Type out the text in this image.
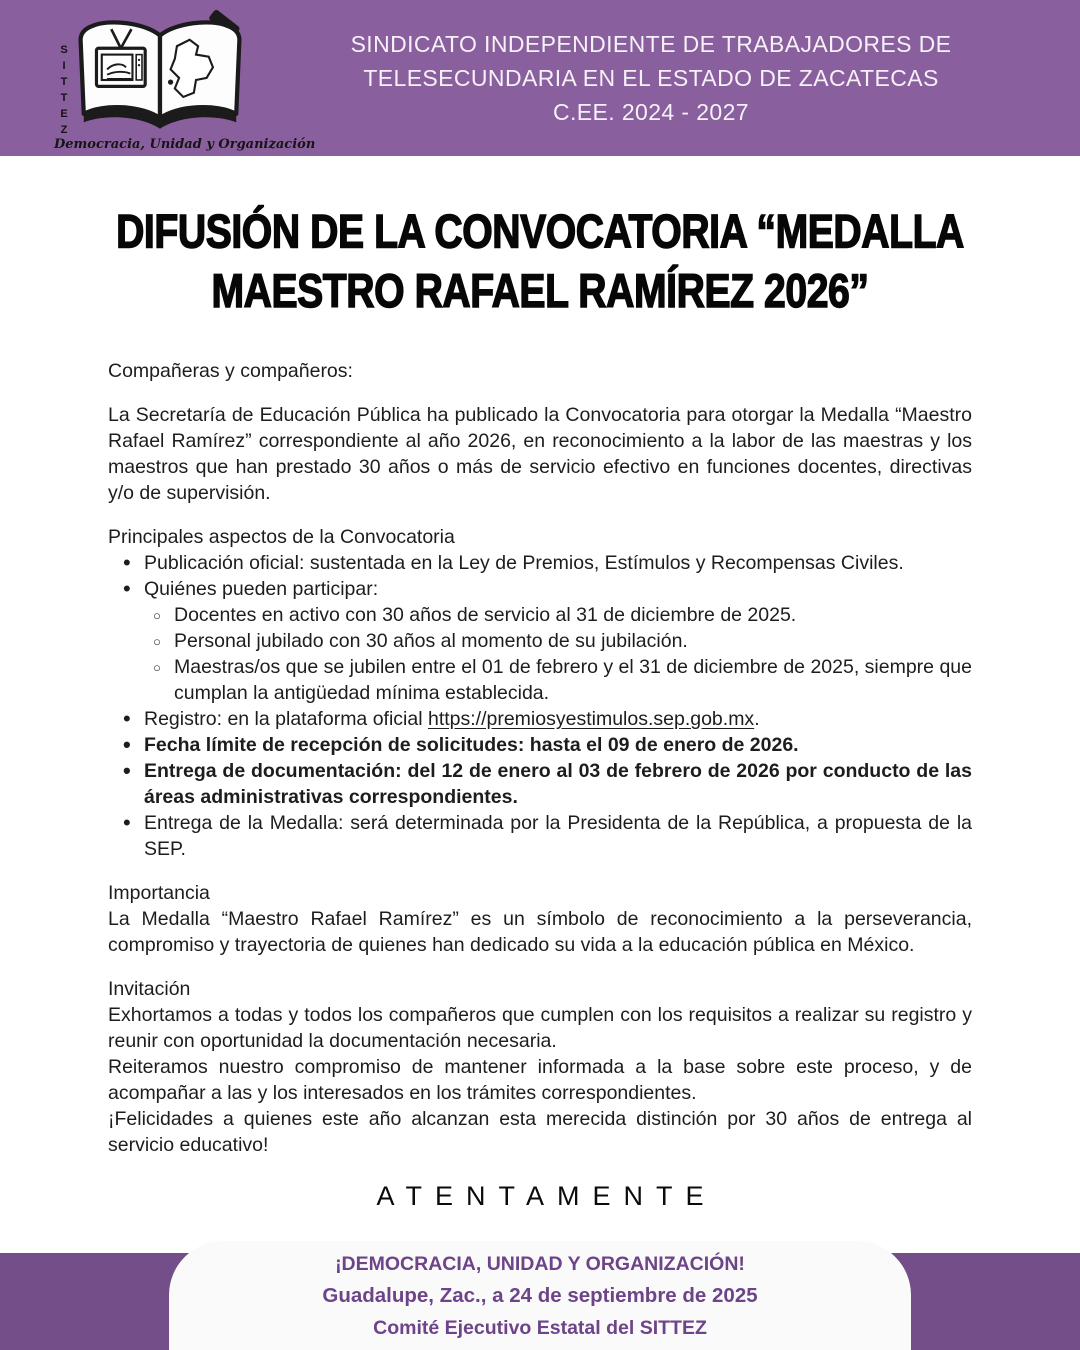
SITTEZ
Democracia, Unidad y Organización
SINDICATO INDEPENDIENTE DE TRABAJADORES DE
TELESECUNDARIA EN EL ESTADO DE ZACATECAS
C.EE. 2024 - 2027
DIFUSIÓN DE LA CONVOCATORIA “MEDALLA MAESTRO RAFAEL RAMÍREZ 2026”

Compañeras y compañeros:

La Secretaría de Educación Pública ha publicado la Convocatoria para otorgar la Medalla “Maestro Rafael Ramírez” correspondiente al año 2026, en reconocimiento a la labor de las maestras y los maestros que han prestado 30 años o más de servicio efectivo en funciones docentes, directivas y/o de supervisión.

Principales aspectos de la Convocatoria

• Publicación oficial: sustentada en la Ley de Premios, Estímulos y Recompensas Civiles.
• Quiénes pueden participar:
○ Docentes en activo con 30 años de servicio al 31 de diciembre de 2025.
○ Personal jubilado con 30 años al momento de su jubilación.
○ Maestras/os que se jubilen entre el 01 de febrero y el 31 de diciembre de 2025, siempre que cumplan la antigüedad mínima establecida.
• Registro: en la plataforma oficial https://premiosyestimulos.sep.gob.mx.
• Fecha límite de recepción de solicitudes: hasta el 09 de enero de 2026.
• Entrega de documentación: del 12 de enero al 03 de febrero de 2026 por conducto de las áreas administrativas correspondientes.
• Entrega de la Medalla: será determinada por la Presidenta de la República, a propuesta de la SEP.

Importancia

La Medalla “Maestro Rafael Ramírez” es un símbolo de reconocimiento a la perseverancia, compromiso y trayectoria de quienes han dedicado su vida a la educación pública en México.

Invitación

Exhortamos a todas y todos los compañeros que cumplen con los requisitos a realizar su registro y reunir con oportunidad la documentación necesaria.

Reiteramos nuestro compromiso de mantener informada a la base sobre este proceso, y de acompañar a las y los interesados en los trámites correspondientes.

¡Felicidades a quienes este año alcanzan esta merecida distinción por 30 años de entrega al servicio educativo!

ATENTAMENTE
¡DEMOCRACIA, UNIDAD Y ORGANIZACIÓN!
Guadalupe, Zac., a 24 de septiembre de 2025
Comité Ejecutivo Estatal del SITTEZ
